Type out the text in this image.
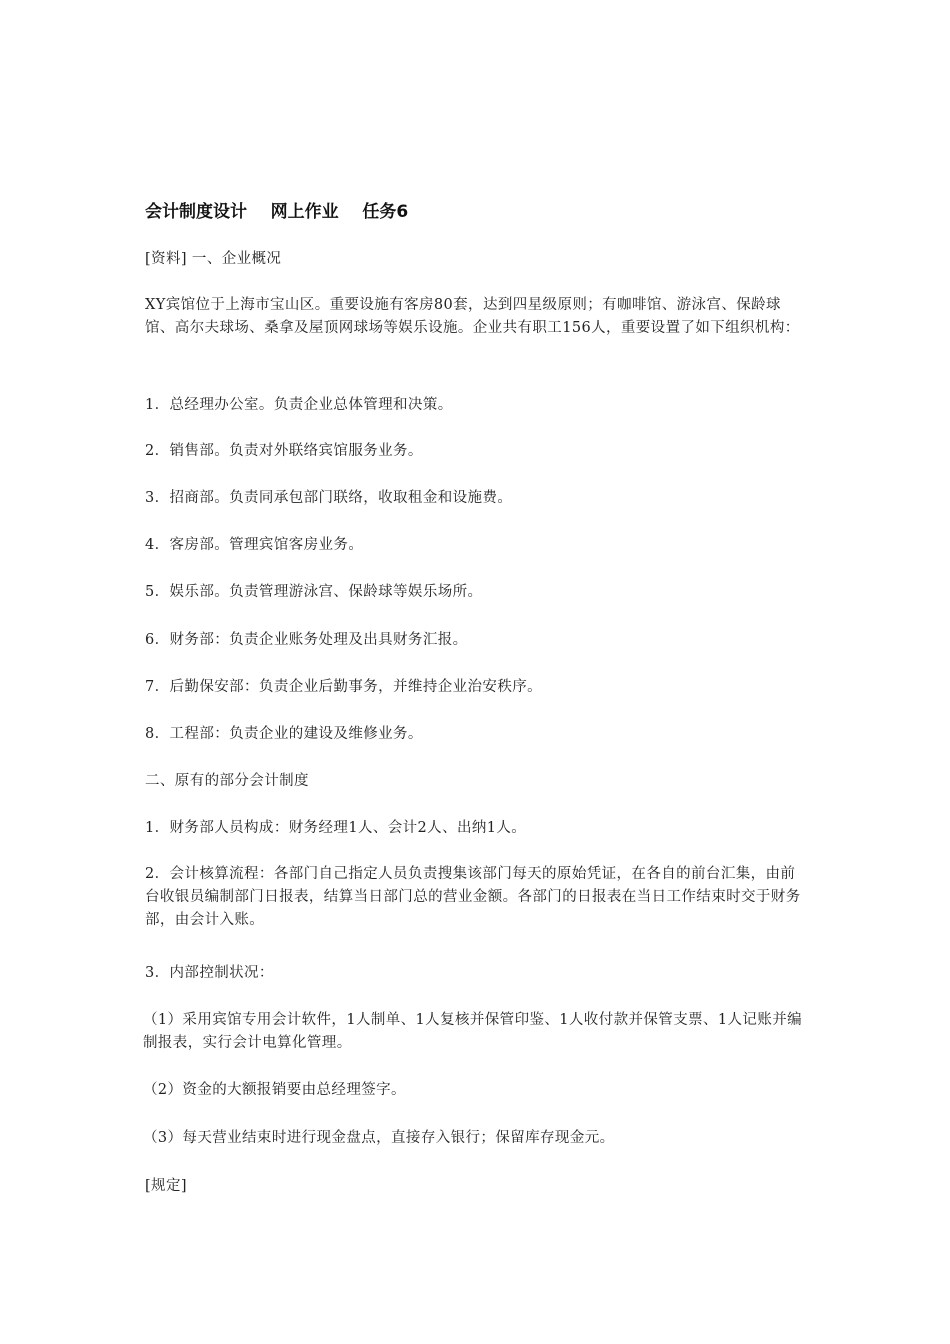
会计制度设计    网上作业    任务6

[资料] 一、企业概况

XY宾馆位于上海市宝山区。重要设施有客房80套，达到四星级原则；有咖啡馆、游泳宫、保龄球馆、高尔夫球场、桑拿及屋顶网球场等娱乐设施。企业共有职工156人，重要设置了如下组织机构：

1．总经理办公室。负责企业总体管理和决策。

2．销售部。负责对外联络宾馆服务业务。

3．招商部。负责同承包部门联络，收取租金和设施费。

4．客房部。管理宾馆客房业务。

5．娱乐部。负责管理游泳宫、保龄球等娱乐场所。

6．财务部：负责企业账务处理及出具财务汇报。

7．后勤保安部：负责企业后勤事务，并维持企业治安秩序。

8．工程部：负责企业的建设及维修业务。

二、原有的部分会计制度

1．财务部人员构成：财务经理1人、会计2人、出纳1人。

2．会计核算流程：各部门自己指定人员负责搜集该部门每天的原始凭证，在各自的前台汇集，由前台收银员编制部门日报表，结算当日部门总的营业金额。各部门的日报表在当日工作结束时交于财务部，由会计入账。

3．内部控制状况：

（1）采用宾馆专用会计软件，1人制单、1人复核并保管印鉴、1人收付款并保管支票、1人记账并编制报表，实行会计电算化管理。

（2）资金的大额报销要由总经理签字。

（3）每天营业结束时进行现金盘点，直接存入银行；保留库存现金元。

[规定]
